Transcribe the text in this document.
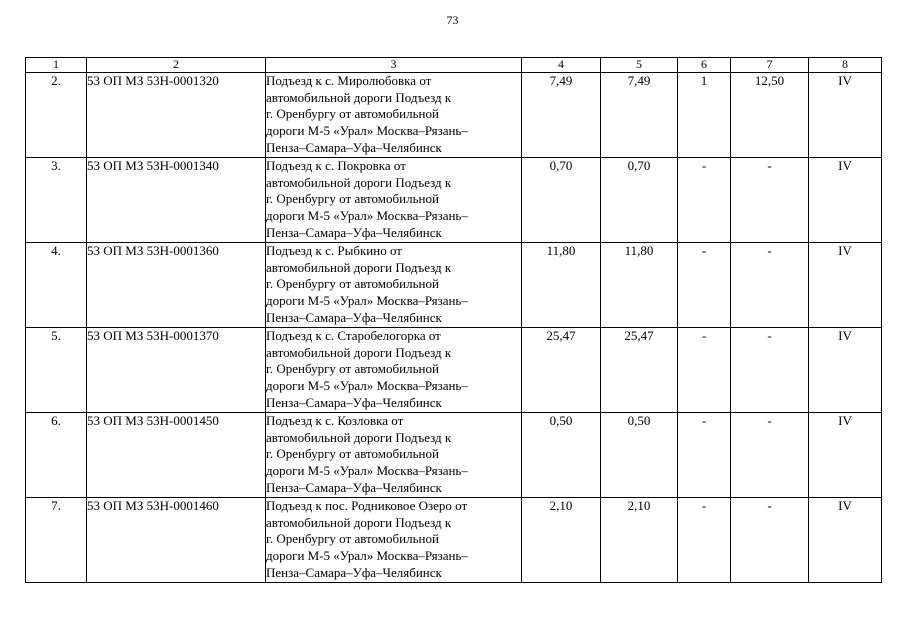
73
1	2	3	4	5	6	7	8
2.	53 ОП МЗ 53Н-0001320	Подъезд к с. Миролюбовка от
автомобильной дороги Подъезд к
г. Оренбургу от автомобильной
дороги М-5 «Урал» Москва–Рязань–
Пенза–Самара–Уфа–Челябинск	7,49	7,49	1	12,50	IV
3.	53 ОП МЗ 53Н-0001340	Подъезд к с. Покровка от
автомобильной дороги Подъезд к
г. Оренбургу от автомобильной
дороги М-5 «Урал» Москва–Рязань–
Пенза–Самара–Уфа–Челябинск	0,70	0,70	-	-	IV
4.	53 ОП МЗ 53Н-0001360	Подъезд к с. Рыбкино от
автомобильной дороги Подъезд к
г. Оренбургу от автомобильной
дороги М-5 «Урал» Москва–Рязань–
Пенза–Самара–Уфа–Челябинск	11,80	11,80	-	-	IV
5.	53 ОП МЗ 53Н-0001370	Подъезд к с. Старобелогорка от
автомобильной дороги Подъезд к
г. Оренбургу от автомобильной
дороги М-5 «Урал» Москва–Рязань–
Пенза–Самара–Уфа–Челябинск	25,47	25,47	-	-	IV
6.	53 ОП МЗ 53Н-0001450	Подъезд к с. Козловка от
автомобильной дороги Подъезд к
г. Оренбургу от автомобильной
дороги М-5 «Урал» Москва–Рязань–
Пенза–Самара–Уфа–Челябинск	0,50	0,50	-	-	IV
7.	53 ОП МЗ 53Н-0001460	Подъезд к пос. Родниковое Озеро от
автомобильной дороги Подъезд к
г. Оренбургу от автомобильной
дороги М-5 «Урал» Москва–Рязань–
Пенза–Самара–Уфа–Челябинск	2,10	2,10	-	-	IV
